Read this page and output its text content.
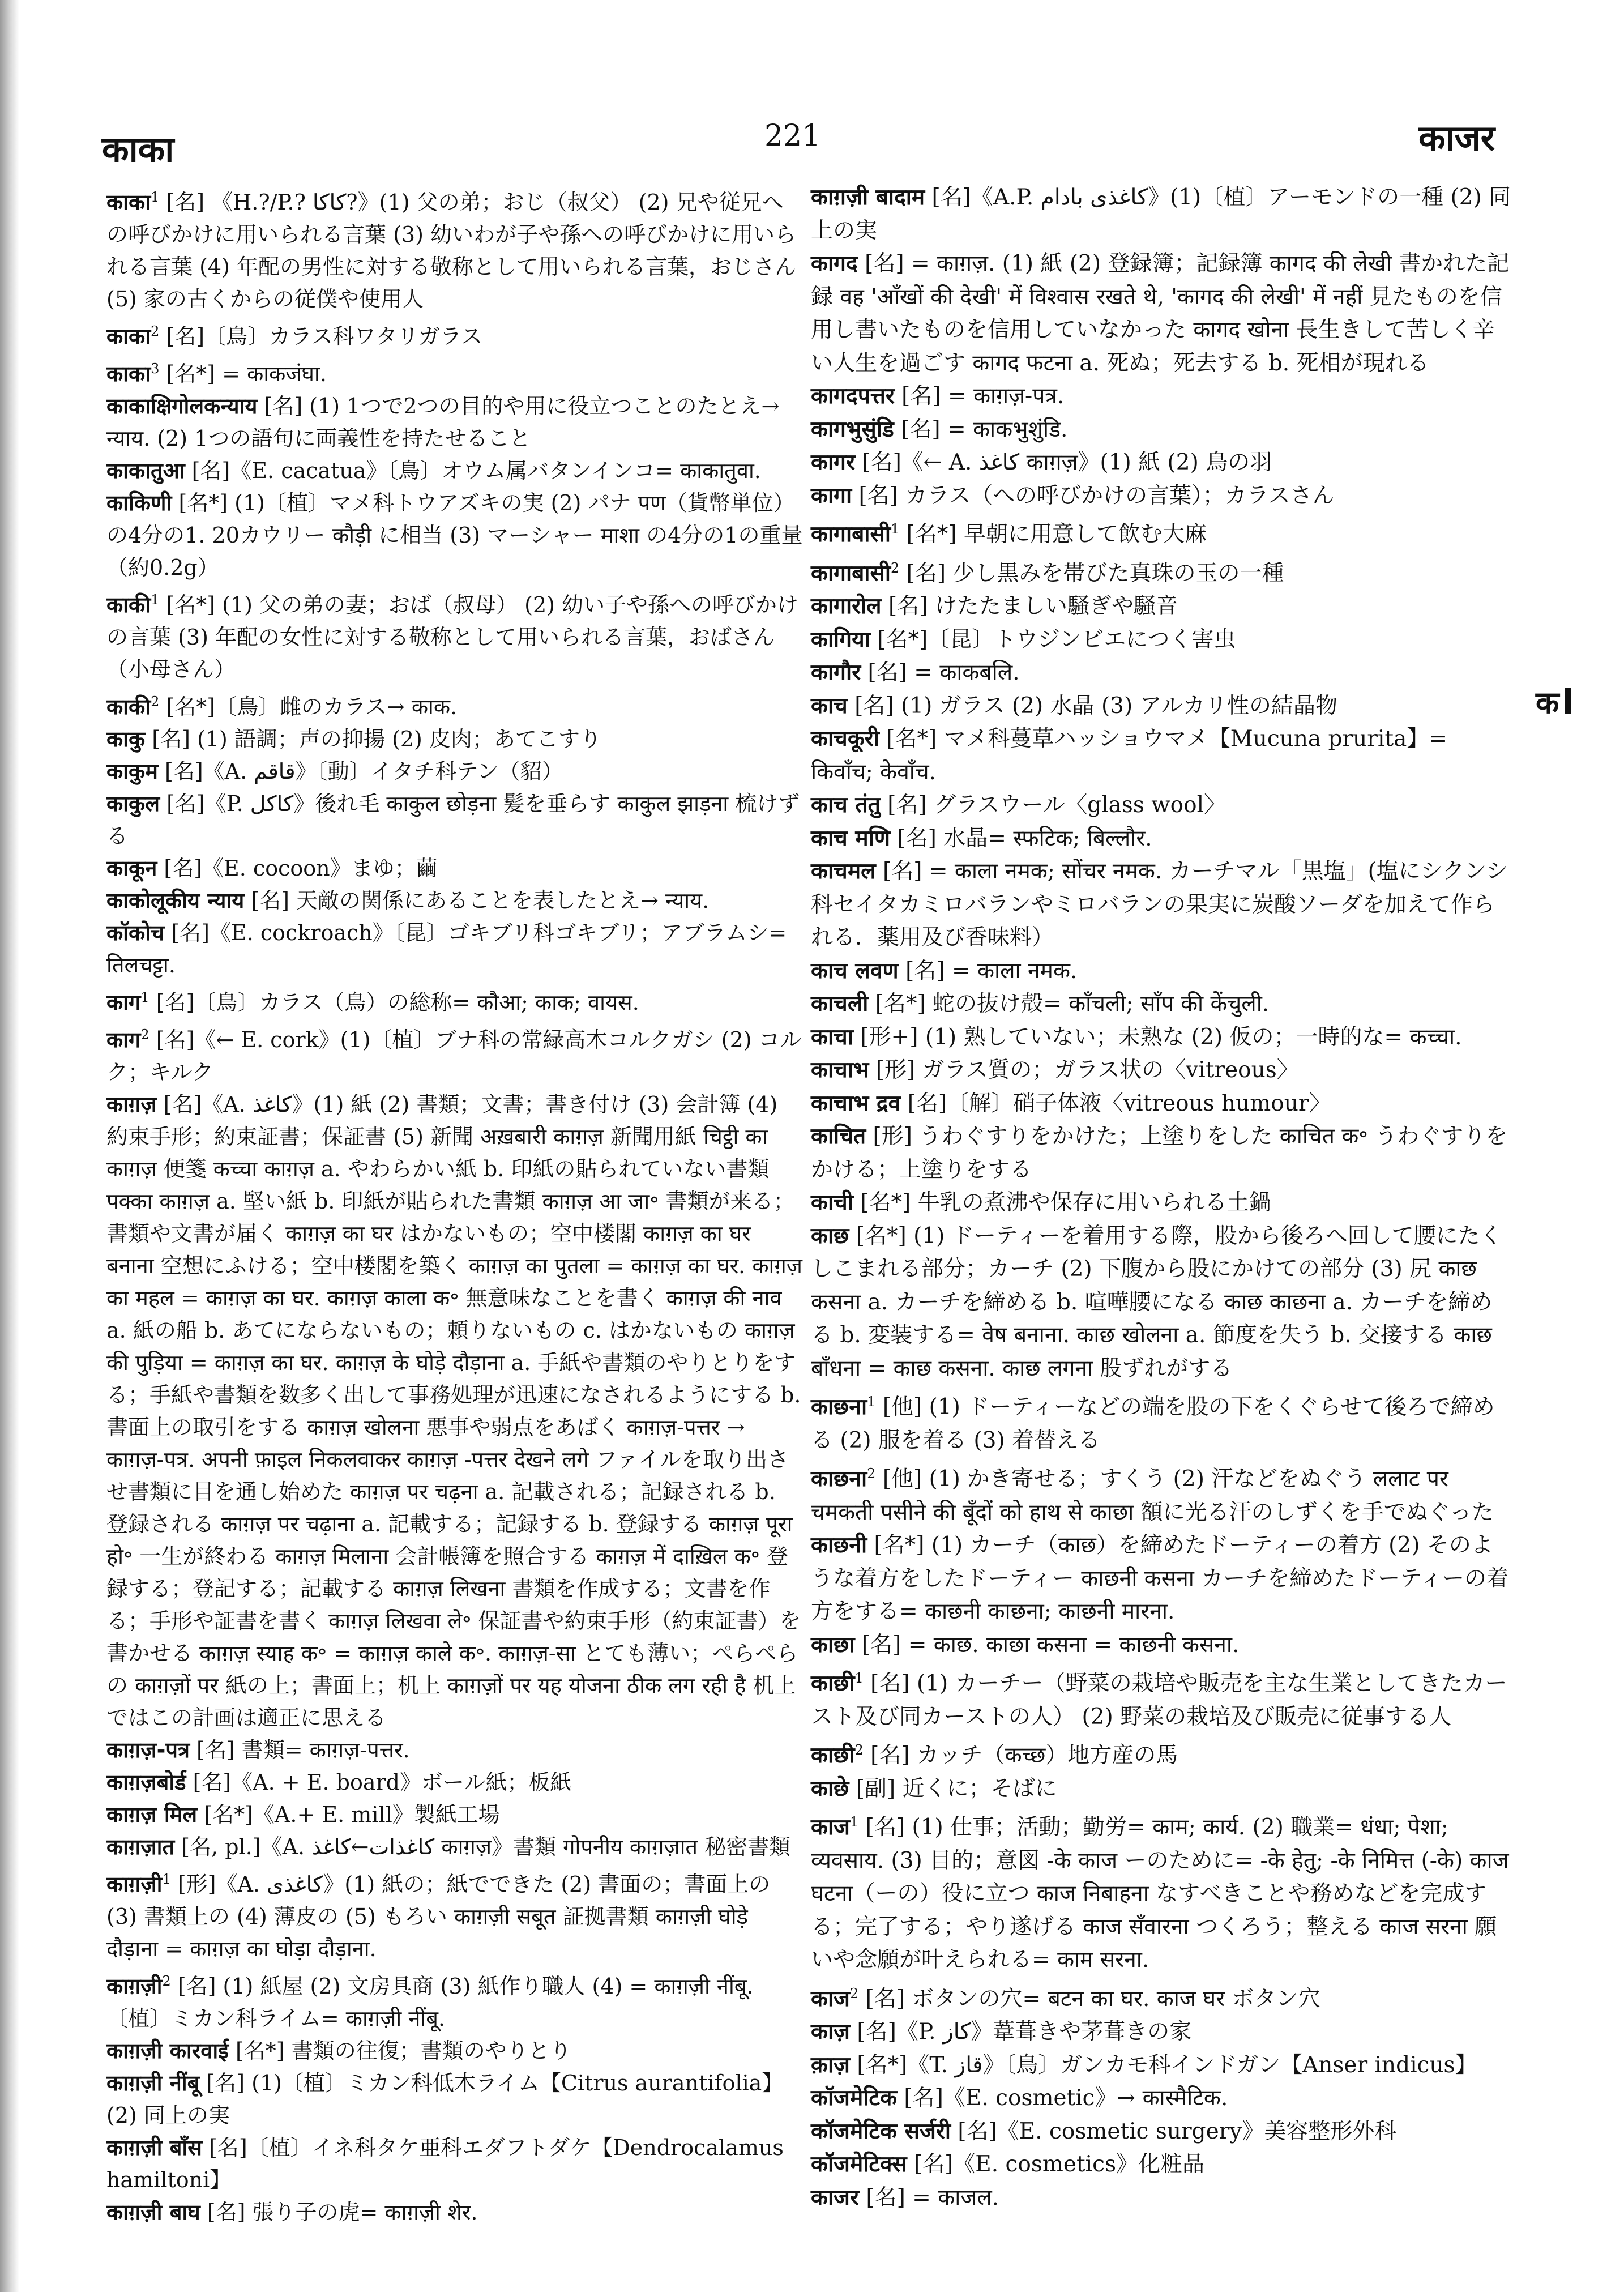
काका	221	काजर

काका$^1$ [名] 《H.?/P.? کاکا?》(1) 父の弟；おじ（叔父） (2) 兄や従兄への呼びかけに用いられる言葉 (3) 幼いわが子や孫への呼びかけに用いられる言葉 (4) 年配の男性に対する敬称として用いられる言葉，おじさん (5) 家の古くからの従僕や使用人

काका$^2$ [名]〔鳥〕カラス科ワタリガラス

काका$^3$ [名*] = काकजंघा.

काकाक्षिगोलकन्याय [名] (1) 1つで2つの目的や用に役立つことのたとえ→ न्याय. (2) 1つの語句に両義性を持たせること

काकातुआ [名]《E. cacatua》〔鳥〕オウム属バタンインコ= काकातुवा.

काकिणी [名*] (1)〔植〕マメ科トウアズキの実 (2) パナ पण（貨幣単位）の4分の1. 20カウリー कौड़ी に相当 (3) マーシャー माशा の4分の1の重量（約0.2g）

काकी$^1$ [名*] (1) 父の弟の妻；おば（叔母） (2) 幼い子や孫への呼びかけの言葉 (3) 年配の女性に対する敬称として用いられる言葉，おばさん（小母さん）

काकी$^2$ [名*]〔鳥〕雌のカラス→ काक.

काकु [名] (1) 語調；声の抑揚 (2) 皮肉；あてこすり

काकुम [名]《A. قاقم》〔動〕イタチ科テン（貂）

काकुल [名]《P. کاکل》後れ毛 काकुल छोड़ना 髪を垂らす काकुल झाड़ना 梳けずる

काकून [名]《E. cocoon》まゆ；繭

काकोलूकीय न्याय [名] 天敵の関係にあることを表したとえ→ न्याय.

कॉकोच [名]《E. cockroach》〔昆〕ゴキブリ科ゴキブリ；アブラムシ= तिलचट्टा.

काग$^1$ [名]〔鳥〕カラス（鳥）の総称= कौआ; काक; वायस.

काग$^2$ [名]《← E. cork》(1)〔植〕ブナ科の常緑高木コルクガシ (2) コルク；キルク

काग़ज़ [名]《A. كاغذ》(1) 紙 (2) 書類；文書；書き付け (3) 会計簿 (4) 約束手形；約束証書；保証書 (5) 新聞 अख़बारी काग़ज़ 新聞用紙 चिट्ठी का काग़ज़ 便箋 कच्चा काग़ज़ a. やわらかい紙 b. 印紙の貼られていない書類 पक्का काग़ज़ a. 堅い紙 b. 印紙が貼られた書類 काग़ज़ आ जा॰ 書類が来る；書類や文書が届く काग़ज़ का घर はかないもの；空中楼閣 काग़ज़ का घर बनाना 空想にふける；空中楼閣を築く काग़ज़ का पुतला = काग़ज़ का घर. काग़ज़ का महल = काग़ज़ का घर. काग़ज़ काला क॰ 無意味なことを書く काग़ज़ की नाव a. 紙の船 b. あてにならないもの；頼りないもの c. はかないもの काग़ज़ की पुड़िया = काग़ज़ का घर. काग़ज़ के घोड़े दौड़ाना a. 手紙や書類のやりとりをする；手紙や書類を数多く出して事務処理が迅速になされるようにする b. 書面上の取引をする काग़ज़ खोलना 悪事や弱点をあばく काग़ज़-पत्तर → काग़ज़-पत्र. अपनी फ़ाइल निकलवाकर काग़ज़ -पत्तर देखने लगे ファイルを取り出させ書類に目を通し始めた काग़ज़ पर चढ़ना a. 記載される；記録される b. 登録される काग़ज़ पर चढ़ाना a. 記載する；記録する b. 登録する काग़ज़ पूरा हो॰ 一生が終わる काग़ज़ मिलाना 会計帳簿を照合する काग़ज़ में दाख़िल क॰ 登録する；登記する；記載する काग़ज़ लिखना 書類を作成する；文書を作る；手形や証書を書く काग़ज़ लिखवा ले॰ 保証書や約束手形（約束証書）を書かせる काग़ज़ स्याह क॰ = काग़ज़ काले क॰. काग़ज़-सा とても薄い；ぺらぺらの काग़ज़ों पर 紙の上；書面上；机上 काग़ज़ों पर यह योजना ठीक लग रही है 机上ではこの計画は適正に思える

काग़ज़-पत्र [名] 書類= काग़ज़-पत्तर.

काग़ज़बोर्ड [名]《A. + E. board》ボール紙；板紙

काग़ज़ मिल [名*]《A.+ E. mill》製紙工場

काग़ज़ात [名, pl.]《A. كاغذات←كاغذ काग़ज़》書類 गोपनीय काग़ज़ात 秘密書類

काग़ज़ी$^1$ [形]《A. كاغذى》(1) 紙の；紙でできた (2) 書面の；書面上の (3) 書類上の (4) 薄皮の (5) もろい काग़ज़ी सबूत 証拠書類 काग़ज़ी घोड़े दौड़ाना = काग़ज़ का घोड़ा दौड़ाना.

काग़ज़ी$^2$ [名] (1) 紙屋 (2) 文房具商 (3) 紙作り職人 (4) = काग़ज़ी नींबू. 〔植〕ミカン科ライム= काग़ज़ी नींबू.

काग़ज़ी कारवाई [名*] 書類の往復；書類のやりとり

काग़ज़ी नींबू [名] (1)〔植〕ミカン科低木ライム【Citrus aurantifolia】(2) 同上の実

काग़ज़ी बाँस [名]〔植〕イネ科タケ亜科エダフトダケ【Dendrocalamus hamiltoni】

काग़ज़ी बाघ [名] 張り子の虎= काग़ज़ी शेर.

काग़ज़ी बादाम [名]《A.P. كاغذى بادام》(1)〔植〕アーモンドの一種 (2) 同上の実

कागद [名] = काग़ज़. (1) 紙 (2) 登録簿；記録簿 कागद की लेखी 書かれた記録 वह 'आँखों की देखी' में विश्वास रखते थे, 'कागद की लेखी' में नहीं 見たものを信用し書いたものを信用していなかった कागद खोना 長生きして苦しく辛い人生を過ごす कागद फटना a. 死ぬ；死去する b. 死相が現れる

कागदपत्तर [名] = काग़ज़-पत्र.

कागभुसुंडि [名] = काकभुशुंडि.

कागर [名]《← A. كاغذ काग़ज़》(1) 紙 (2) 鳥の羽

कागा [名] カラス（への呼びかけの言葉）；カラスさん

कागाबासी$^1$ [名*] 早朝に用意して飲む大麻

कागाबासी$^2$ [名] 少し黒みを帯びた真珠の玉の一種

कागारोल [名] けたたましい騒ぎや騒音

कागिया [名*]〔昆〕トウジンビエにつく害虫

कागौर [名] = काकबलि.

काच [名] (1) ガラス (2) 水晶 (3) アルカリ性の結晶物

काचकूरी [名*] マメ科蔓草ハッショウマメ【Mucuna prurita】= किवाँच; केवाँच.

काच तंतु [名] グラスウール〈glass wool〉

काच मणि [名] 水晶= स्फटिक; बिल्लौर.

काचमल [名] = काला नमक; सोंचर नमक. カーチマル「黒塩」(塩にシクンシ科セイタカミロバランやミロバランの果実に炭酸ソーダを加えて作られる．薬用及び香味料）

काच लवण [名] = काला नमक.

काचली [名*] 蛇の抜け殻= काँचली; साँप की केंचुली.

काचा [形+] (1) 熟していない；未熟な (2) 仮の；一時的な= कच्चा.

काचाभ [形] ガラス質の；ガラス状の〈vitreous〉

काचाभ द्रव [名]〔解〕硝子体液〈vitreous humour〉

काचित [形] うわぐすりをかけた；上塗りをした काचित क॰ うわぐすりをかける；上塗りをする

काची [名*] 牛乳の煮沸や保存に用いられる土鍋

काछ [名*] (1) ドーティーを着用する際，股から後ろへ回して腰にたくしこまれる部分；カーチ (2) 下腹から股にかけての部分 (3) 尻 काछ कसना a. カーチを締める b. 喧嘩腰になる काछ काछना a. カーチを締める b. 変装する= वेष बनाना. काछ खोलना a. 節度を失う b. 交接する काछ बाँधना = काछ कसना. काछ लगना 股ずれがする

काछना$^1$ [他] (1) ドーティーなどの端を股の下をくぐらせて後ろで締める (2) 服を着る (3) 着替える

काछना$^2$ [他] (1) かき寄せる；すくう (2) 汗などをぬぐう ललाट पर चमकती पसीने की बूँदों को हाथ से काछा 額に光る汗のしずくを手でぬぐった

काछनी [名*] (1) カーチ（काछ）を締めたドーティーの着方 (2) そのような着方をしたドーティー काछनी कसना カーチを締めたドーティーの着方をする= काछनी काछना; काछनी मारना.

काछा [名] = काछ. काछा कसना = काछनी कसना.

काछी$^1$ [名] (1) カーチー（野菜の栽培や販売を主な生業としてきたカースト及び同カーストの人） (2) 野菜の栽培及び販売に従事する人

काछी$^2$ [名] カッチ（कच्छ）地方産の馬

काछे [副] 近くに；そばに

काज$^1$ [名] (1) 仕事；活動；勤労= काम; कार्य. (2) 職業= धंधा; पेशा; व्यवसाय. (3) 目的；意図 -के काज ーのために= -के हेतु; -के निमित्त (-के) काज घटना（ーの）役に立つ काज निबाहना なすべきことや務めなどを完成する；完了する；やり遂げる काज सँवारना つくろう；整える काज सरना 願いや念願が叶えられる= काम सरना.

काज$^2$ [名] ボタンの穴= बटन का घर. काज घर ボタン穴

काज़ [名]《P. کاز》葦葺きや茅葺きの家

क़ाज़ [名*]《T. قاز》〔鳥〕ガンカモ科インドガン【Anser indicus】

कॉजमेटिक [名]《E. cosmetic》→ कास्मैटिक.

कॉजमेटिक सर्जरी [名]《E. cosmetic surgery》美容整形外科

कॉजमेटिक्स [名]《E. cosmetics》化粧品

काजर [名] = काजल.

क
